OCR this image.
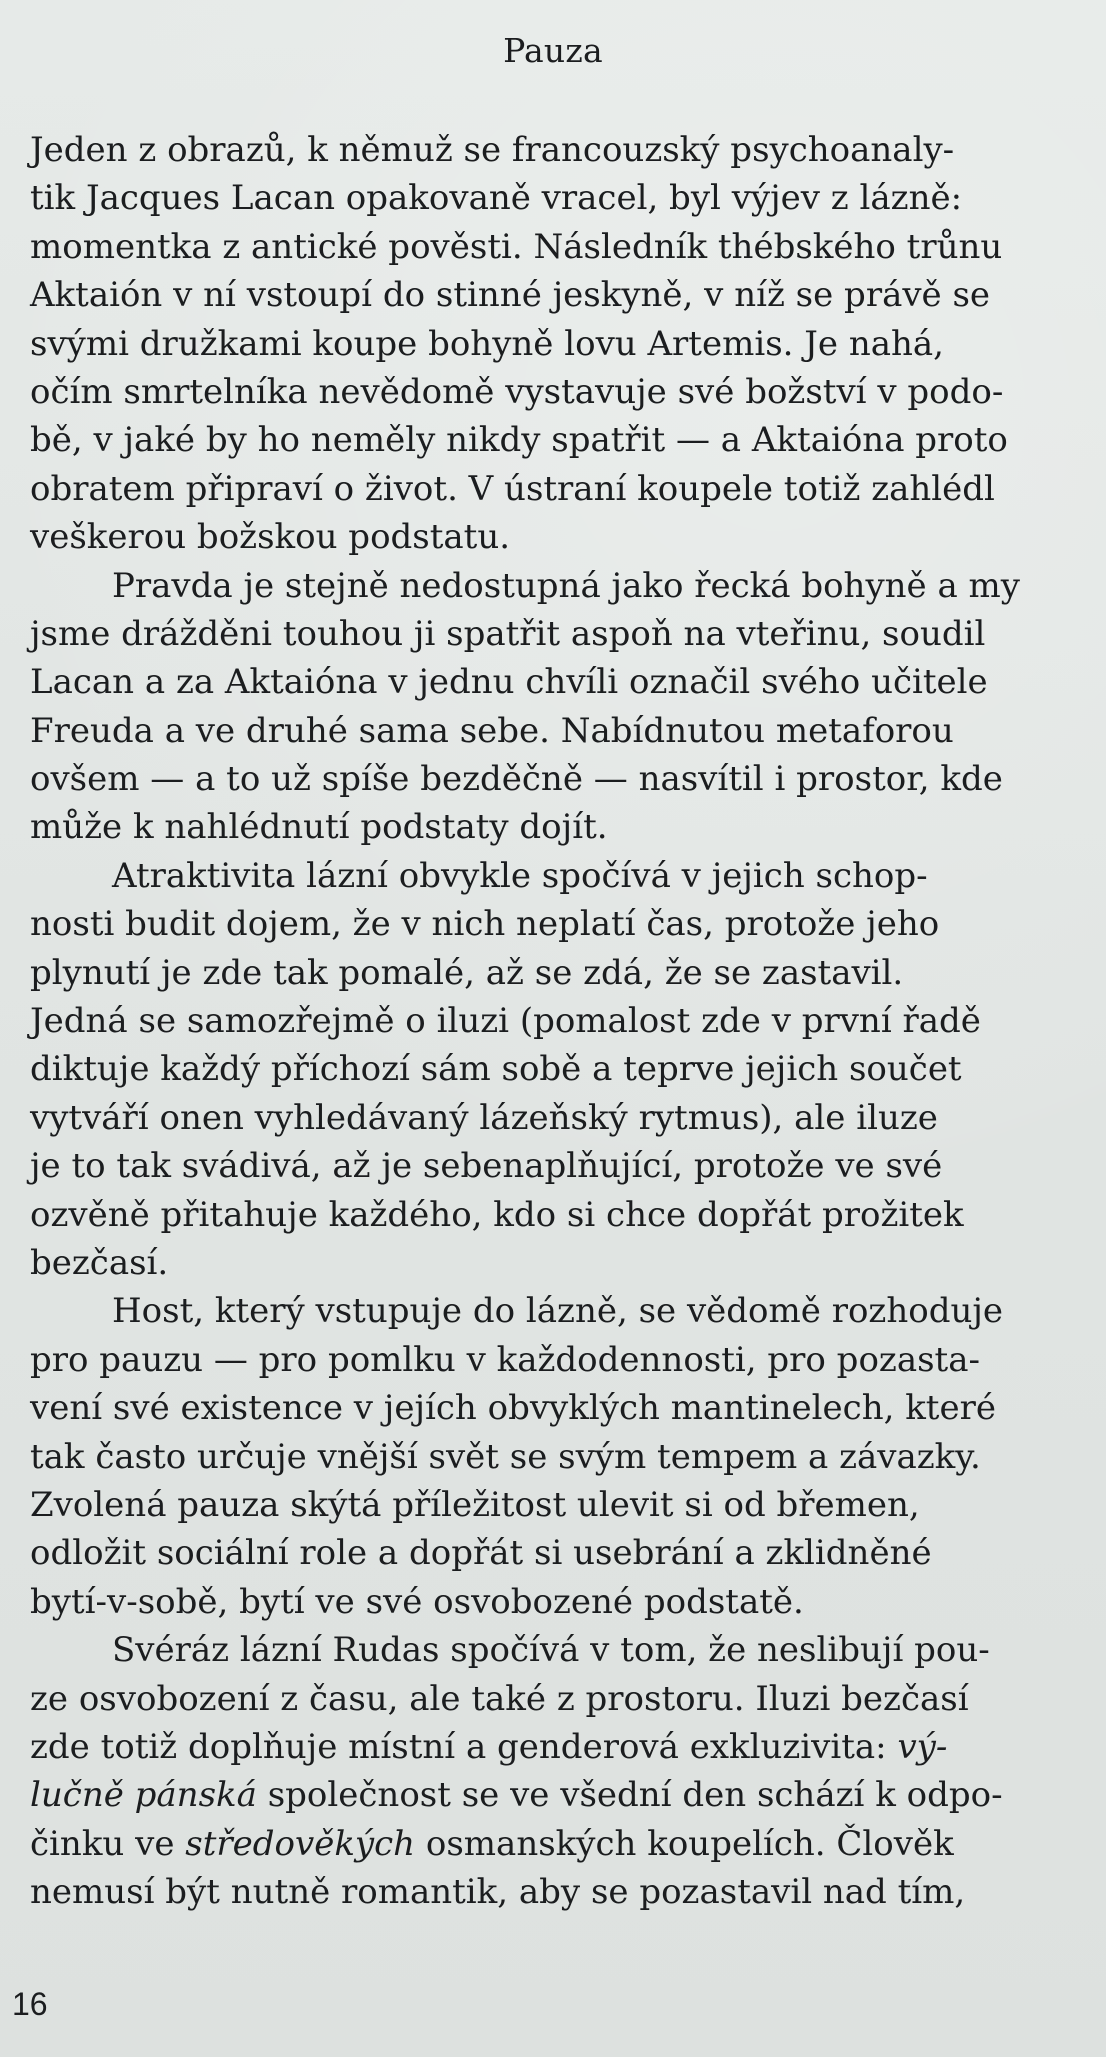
Pauza
Jeden z obrazů, k němuž se francouzský psychoanaly-
tik Jacques Lacan opakovaně vracel, byl výjev z lázně:
momentka z antické pověsti. Následník thébského trůnu
Aktaión v ní vstoupí do stinné jeskyně, v níž se právě se
svými družkami koupe bohyně lovu Artemis. Je nahá,
očím smrtelníka nevědomě vystavuje své božství v podo-
bě, v jaké by ho neměly nikdy spatřit — a Aktaióna proto
obratem připraví o život. V ústraní koupele totiž zahlédl
veškerou božskou podstatu.
Pravda je stejně nedostupná jako řecká bohyně a my
jsme drážděni touhou ji spatřit aspoň na vteřinu, soudil
Lacan a za Aktaióna v jednu chvíli označil svého učitele
Freuda a ve druhé sama sebe. Nabídnutou metaforou
ovšem — a to už spíše bezděčně — nasvítil i prostor, kde
může k nahlédnutí podstaty dojít.
Atraktivita lázní obvykle spočívá v jejich schop-
nosti budit dojem, že v nich neplatí čas, protože jeho
plynutí je zde tak pomalé, až se zdá, že se zastavil.
Jedná se samozřejmě o iluzi (pomalost zde v první řadě
diktuje každý příchozí sám sobě a teprve jejich součet
vytváří onen vyhledávaný lázeňský rytmus), ale iluze
je to tak svádivá, až je sebenaplňující, protože ve své
ozvěně přitahuje každého, kdo si chce dopřát prožitek
bezčasí.
Host, který vstupuje do lázně, se vědomě rozhoduje
pro pauzu — pro pomlku v každodennosti, pro pozasta-
vení své existence v jejích obvyklých mantinelech, které
tak často určuje vnější svět se svým tempem a závazky.
Zvolená pauza skýtá příležitost ulevit si od břemen,
odložit sociální role a dopřát si usebrání a zklidněné
bytí-v-sobě, bytí ve své osvobozené podstatě.
Svéráz lázní Rudas spočívá v tom, že neslibují pou-
ze osvobození z času, ale také z prostoru. Iluzi bezčasí
zde totiž doplňuje místní a genderová exkluzivita: vý-
lučně pánská společnost se ve všední den schází k odpo-
činku ve středověkých osmanských koupelích. Člověk
nemusí být nutně romantik, aby se pozastavil nad tím,
16
